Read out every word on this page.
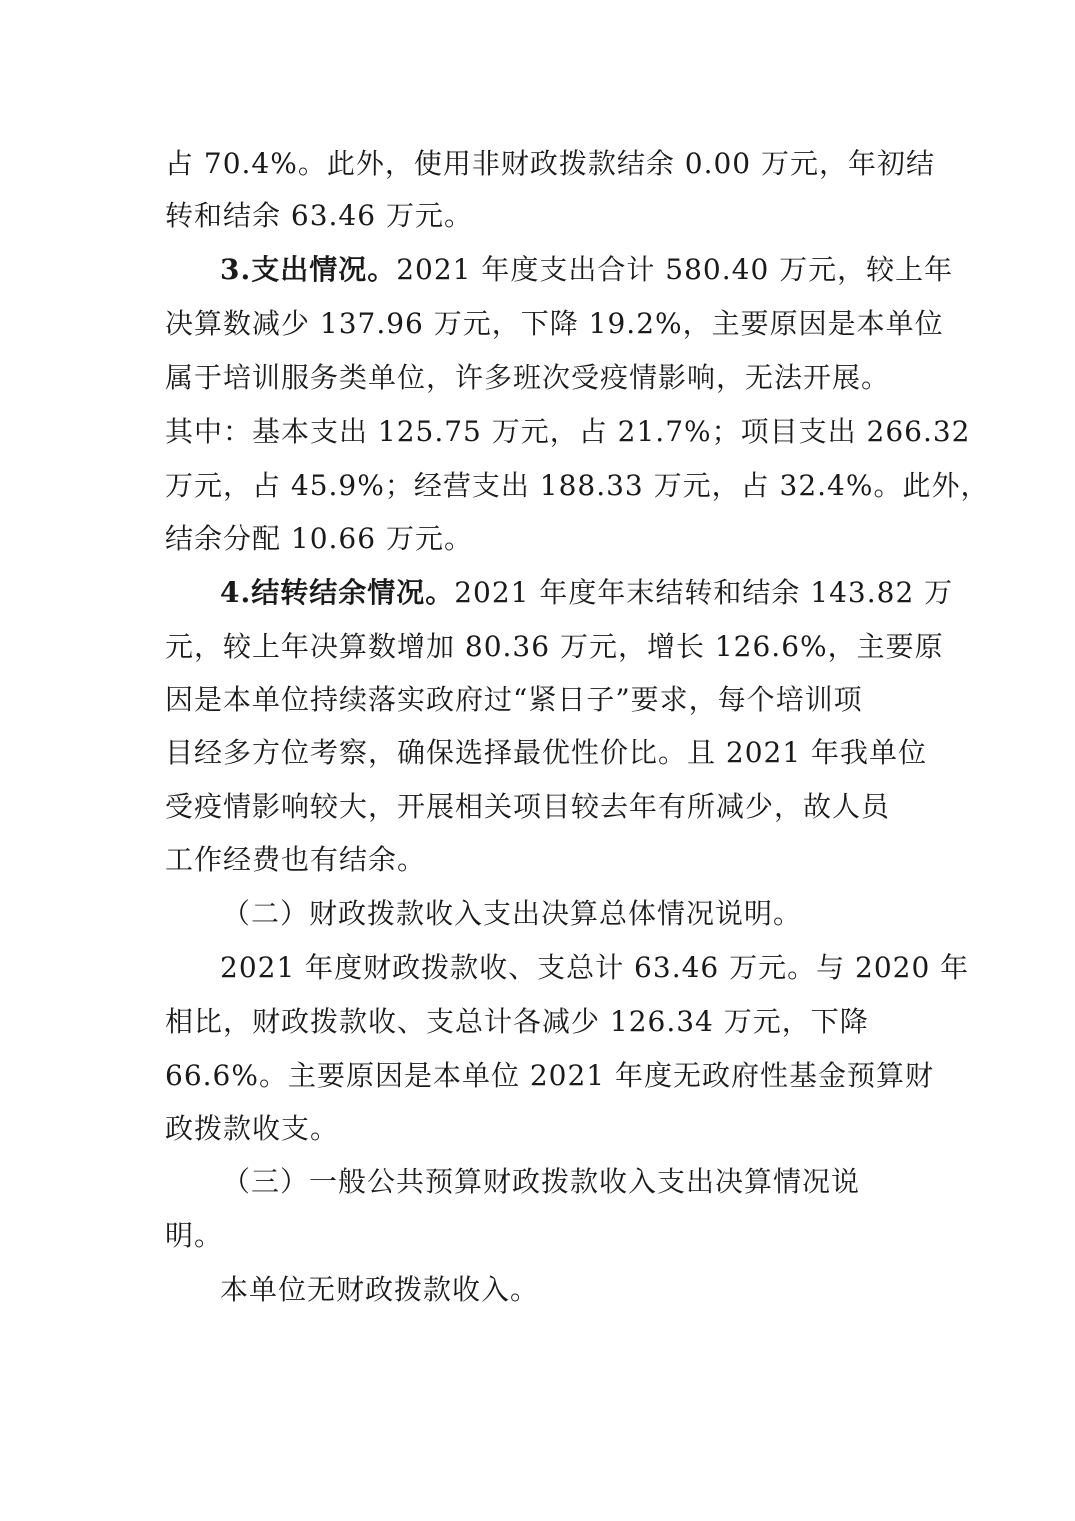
占 70.4%。此外，使用非财政拨款结余 0.00 万元，年初结
转和结余 63.46 万元。
3.支出情况。2021 年度支出合计 580.40 万元，较上年
决算数减少 137.96 万元，下降 19.2%，主要原因是本单位
属于培训服务类单位，许多班次受疫情影响，无法开展。
其中：基本支出 125.75 万元，占 21.7%；项目支出 266.32
万元，占 45.9%；经营支出 188.33 万元，占 32.4%。此外，
结余分配 10.66 万元。
4.结转结余情况。2021 年度年末结转和结余 143.82 万
元，较上年决算数增加 80.36 万元，增长 126.6%，主要原
因是本单位持续落实政府过“紧日子”要求，每个培训项
目经多方位考察，确保选择最优性价比。且 2021 年我单位
受疫情影响较大，开展相关项目较去年有所减少，故人员
工作经费也有结余。
（二）财政拨款收入支出决算总体情况说明。
2021 年度财政拨款收、支总计 63.46 万元。与 2020 年
相比，财政拨款收、支总计各减少 126.34 万元，下降
66.6%。主要原因是本单位 2021 年度无政府性基金预算财
政拨款收支。
（三）一般公共预算财政拨款收入支出决算情况说
明。
本单位无财政拨款收入。
